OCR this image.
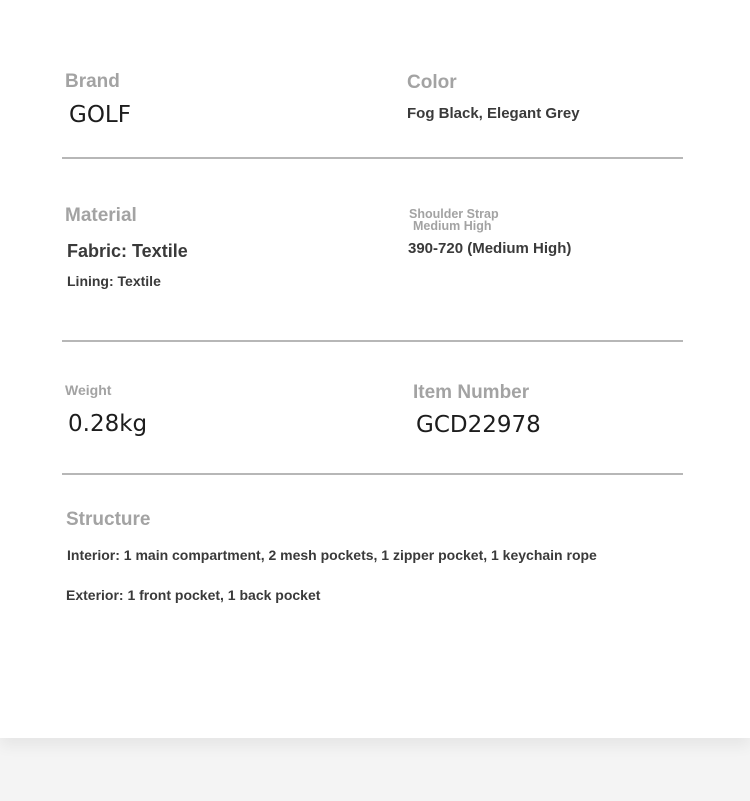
Brand
GOLF
Color
Fog Black, Elegant Grey
Material
Fabric: Textile
Lining: Textile
Shoulder Strap
Medium High
390-720 (Medium High)
Weight
0.28kg
Item Number
GCD22978
Structure
Interior: 1 main compartment, 2 mesh pockets, 1 zipper pocket, 1 keychain rope
Exterior: 1 front pocket, 1 back pocket
